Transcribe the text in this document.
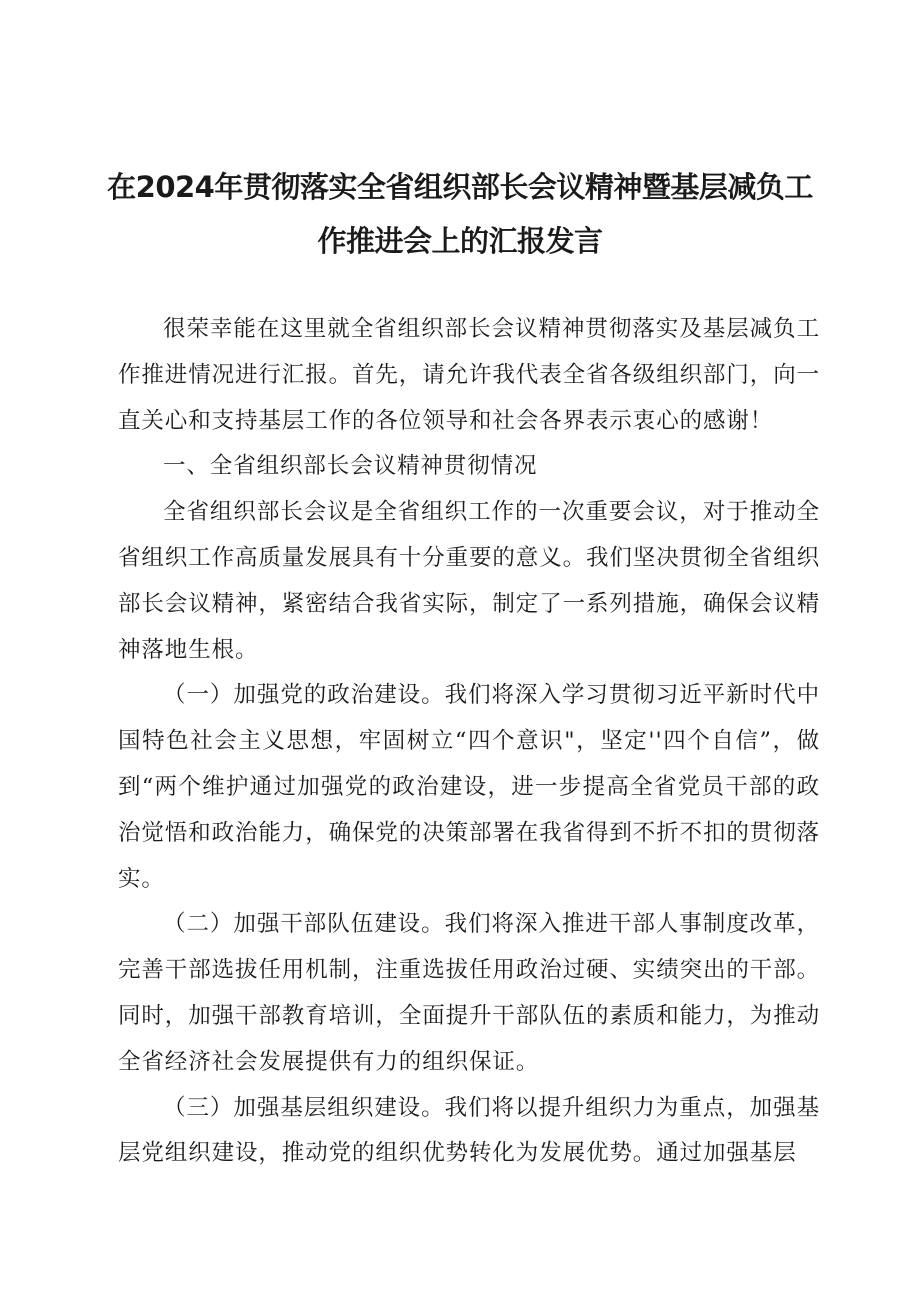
在2024年贯彻落实全省组织部长会议精神暨基层减负工
作推进会上的汇报发言

很荣幸能在这里就全省组织部长会议精神贯彻落实及基层减负工作推进情况进行汇报。首先，请允许我代表全省各级组织部门，向一直关心和支持基层工作的各位领导和社会各界表示衷心的感谢！

一、全省组织部长会议精神贯彻情况

全省组织部长会议是全省组织工作的一次重要会议，对于推动全省组织工作高质量发展具有十分重要的意义。我们坚决贯彻全省组织部长会议精神，紧密结合我省实际，制定了一系列措施，确保会议精神落地生根。

（一）加强党的政治建设。我们将深入学习贯彻习近平新时代中国特色社会主义思想，牢固树立“四个意识"，坚定''四个自信”，做到“两个维护通过加强党的政治建设，进一步提高全省党员干部的政治觉悟和政治能力，确保党的决策部署在我省得到不折不扣的贯彻落实。

（二）加强干部队伍建设。我们将深入推进干部人事制度改革，完善干部选拔任用机制，注重选拔任用政治过硬、实绩突出的干部。同时，加强干部教育培训，全面提升干部队伍的素质和能力，为推动全省经济社会发展提供有力的组织保证。

（三）加强基层组织建设。我们将以提升组织力为重点，加强基层党组织建设，推动党的组织优势转化为发展优势。通过加强基层
